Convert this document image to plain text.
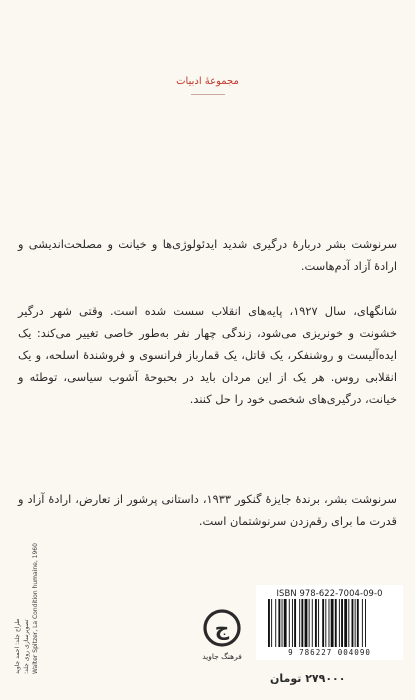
مجموعهٔ ادبیات
سرنوشت بشر دربارهٔ درگیری شدید ایدئولوژی‌ها و خیانت و مصلحت‌اندیشی و ارادهٔ آزاد آدم‌هاست.
شانگهای، سال ۱۹۲۷، پایه‌های انقلاب سست شده است. وقتی شهر درگیر خشونت و خونریزی می‌شود، زندگی چهار نفر به‌طور خاصی تغییر می‌کند: یک ایده‌آلیست و روشنفکر، یک قاتل، یک قمارباز فرانسوی و فروشندهٔ اسلحه، و یک انقلابی روس. هر یک از این مردان باید در بحبوحهٔ آشوب سیاسی، توطئه و خیانت، درگیری‌های شخصی خود را حل کنند.
سرنوشت بشر، برندهٔ جایزهٔ گنکور ۱۹۳۳، داستانی پرشور از تعارض، ارادهٔ آزاد و قدرت ما برای رقم‌زدن سرنوشتمان است.
طراح جلد: احمد جاوید تصویرسازی روی جلد: Walter Spitzer, La Condition humaine, 1960	ج
فرهنگ جاوید
ISBN 978-622-7004-09-0
9 786227 004090
۲۷۹۰۰۰ تومان
